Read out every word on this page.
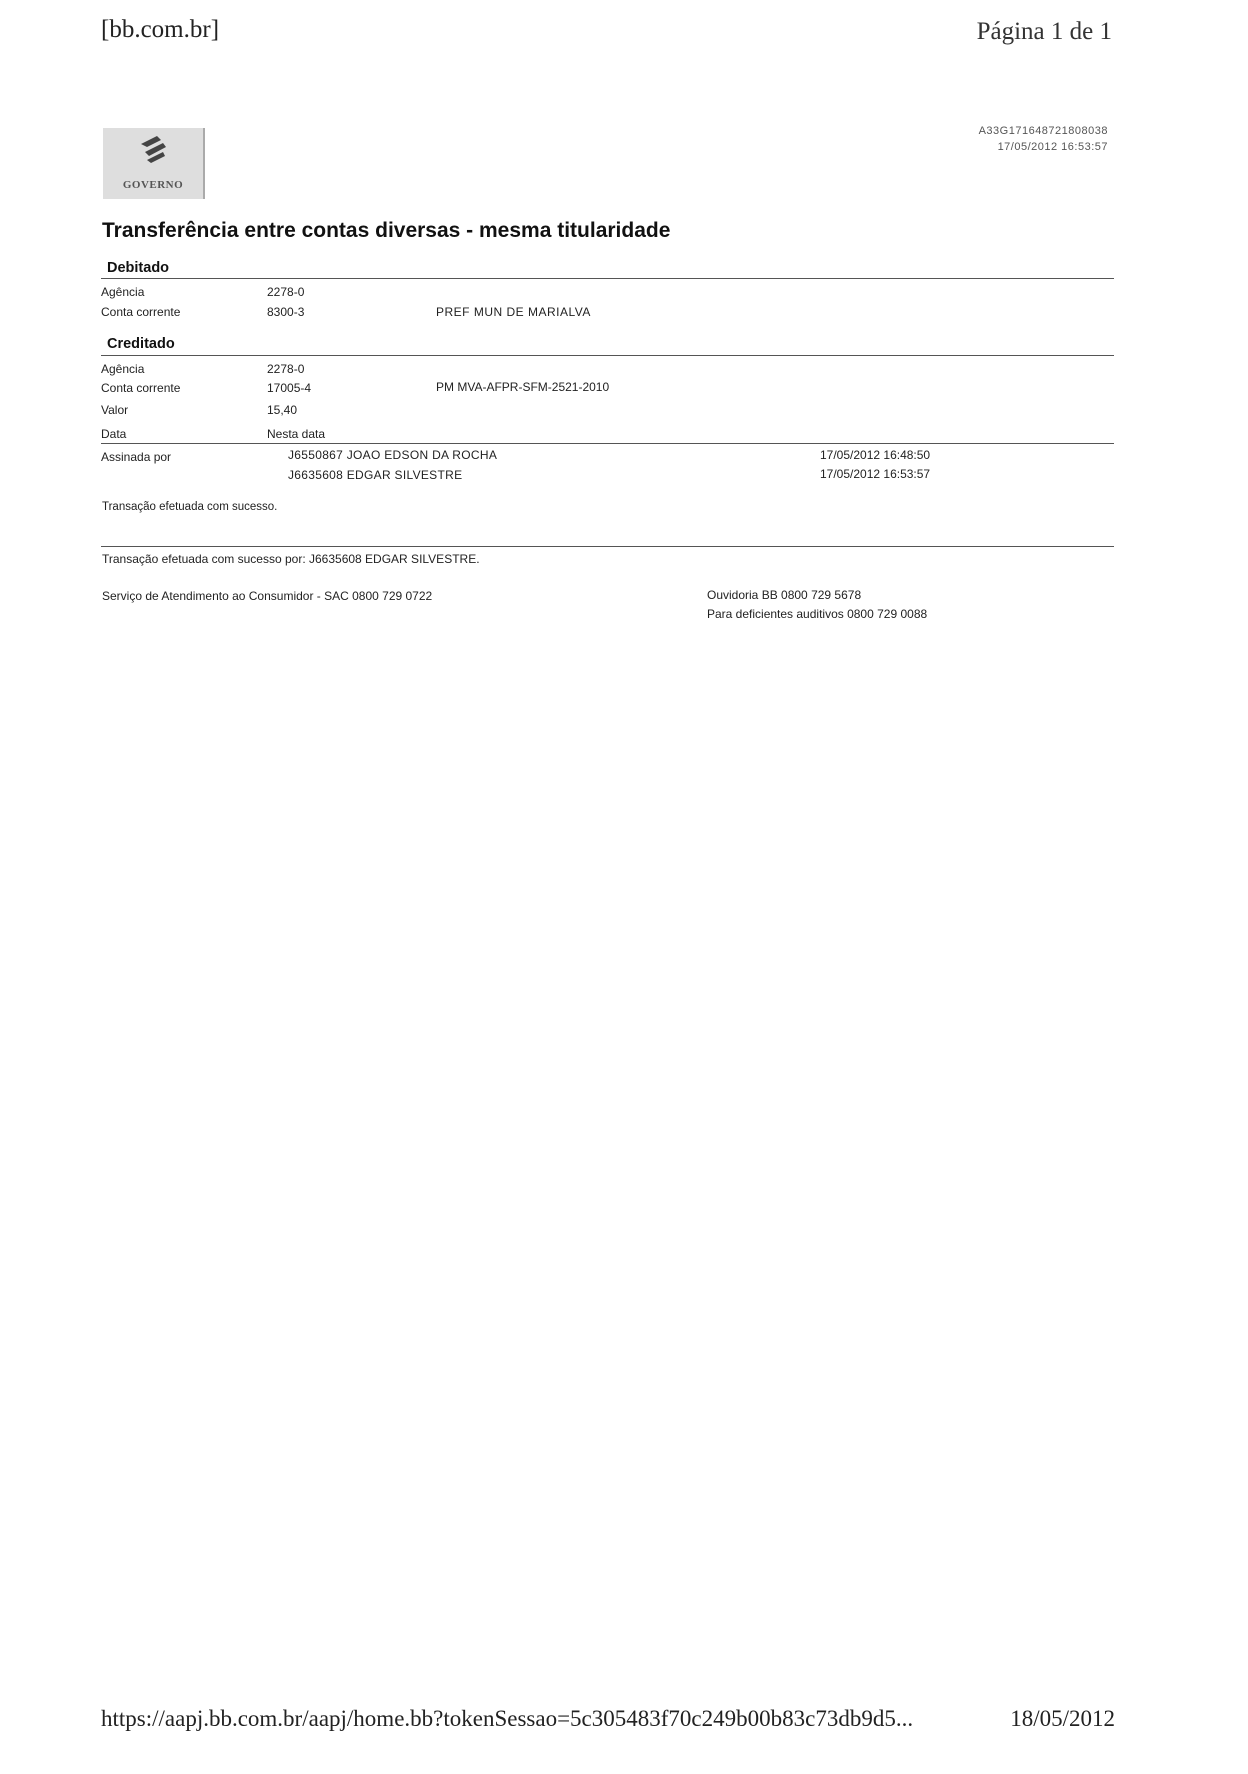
[bb.com.br]	Página 1 de 1
GOVERNO
A33G171648721808038
17/05/2012 16:53:57
Transferência entre contas diversas - mesma titularidade
Debitado
Agência	2278-0
Conta corrente	8300-3	PREF MUN DE MARIALVA
Creditado
Agência	2278-0
Conta corrente	17005-4	PM MVA-AFPR-SFM-2521-2010
Valor	15,40
Data	Nesta data
Assinada por	J6550867 JOAO EDSON DA ROCHA	17/05/2012 16:48:50
J6635608 EDGAR SILVESTRE	17/05/2012 16:53:57
Transação efetuada com sucesso.
Transação efetuada com sucesso por: J6635608 EDGAR SILVESTRE.
Serviço de Atendimento ao Consumidor - SAC 0800 729 0722	Ouvidoria BB 0800 729 5678
Para deficientes auditivos 0800 729 0088
https://aapj.bb.com.br/aapj/home.bb?tokenSessao=5c305483f70c249b00b83c73db9d5...	18/05/2012
